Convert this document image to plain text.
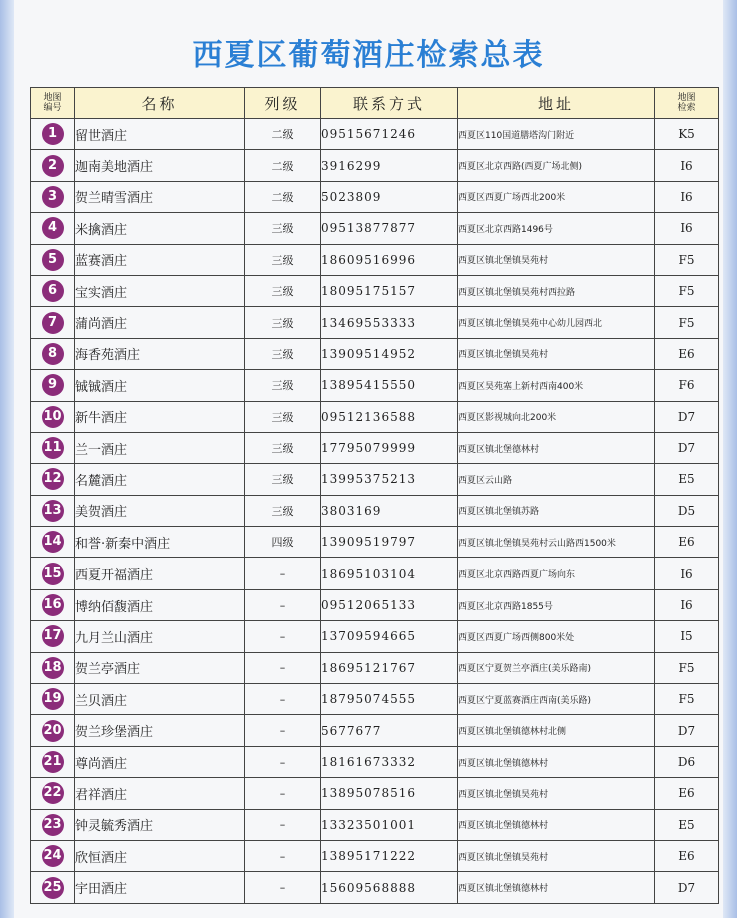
西夏区葡萄酒庄检索总表
地图编号	名称	列级	联系方式	地址	地图检索
1	留世酒庄	二级	09515671246	西夏区110国道膳塔沟门附近	K5
2	迦南美地酒庄	二级	3916299	西夏区北京西路(西夏广场北侧)	I6
3	贺兰晴雪酒庄	二级	5023809	西夏区西夏广场西北200米	I6
4	米擒酒庄	三级	09513877877	西夏区北京西路1496号	I6
5	蓝赛酒庄	三级	18609516996	西夏区镇北堡镇昊苑村	F5
6	宝实酒庄	三级	18095175157	西夏区镇北堡镇昊苑村西拉路	F5
7	蒲尚酒庄	三级	13469553333	西夏区镇北堡镇昊苑中心幼儿园西北	F5
8	海香苑酒庄	三级	13909514952	西夏区镇北堡镇昊苑村	E6
9	铖铖酒庄	三级	13895415550	西夏区昊苑塞上新村西南400米	F6
10	新牛酒庄	三级	09512136588	西夏区影视城向北200米	D7
11	兰一酒庄	三级	17795079999	西夏区镇北堡德林村	D7
12	名麓酒庄	三级	13995375213	西夏区云山路	E5
13	美贺酒庄	三级	3803169	西夏区镇北堡镇苏路	D5
14	和誉·新秦中酒庄	四级	13909519797	西夏区镇北堡镇昊苑村云山路西1500米	E6
15	西夏开福酒庄	–	18695103104	西夏区北京西路西夏广场向东	I6
16	博纳佰馥酒庄	–	09512065133	西夏区北京西路1855号	I6
17	九月兰山酒庄	–	13709594665	西夏区西夏广场西侧800米处	I5
18	贺兰亭酒庄	–	18695121767	西夏区宁夏贺兰亭酒庄(美乐路南)	F5
19	兰贝酒庄	–	18795074555	西夏区宁夏蓝赛酒庄西南(美乐路)	F5
20	贺兰珍堡酒庄	–	5677677	西夏区镇北堡镇德林村北侧	D7
21	尊尚酒庄	–	18161673332	西夏区镇北堡镇德林村	D6
22	君祥酒庄	–	13895078516	西夏区镇北堡镇昊苑村	E6
23	钟灵毓秀酒庄	–	13323501001	西夏区镇北堡镇德林村	E5
24	欣恒酒庄	–	13895171222	西夏区镇北堡镇昊苑村	E6
25	宇田酒庄	–	15609568888	西夏区镇北堡镇德林村	D7
